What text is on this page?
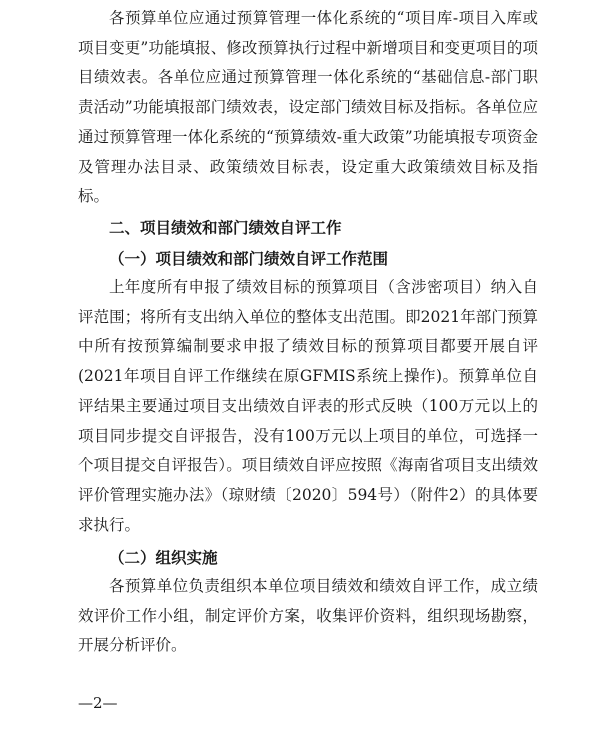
各预算单位应通过预算管理一体化系统的“项目库-项目入库或项目变更”功能填报、修改预算执行过程中新增项目和变更项目的项目绩效表。各单位应通过预算管理一体化系统的“基础信息-部门职责活动”功能填报部门绩效表，设定部门绩效目标及指标。各单位应通过预算管理一体化系统的“预算绩效-重大政策”功能填报专项资金及管理办法目录、政策绩效目标表，设定重大政策绩效目标及指标。

二、项目绩效和部门绩效自评工作
（一）项目绩效和部门绩效自评工作范围

上年度所有申报了绩效目标的预算项目（含涉密项目）纳入自评范围；将所有支出纳入单位的整体支出范围。即2021年部门预算中所有按预算编制要求申报了绩效目标的预算项目都要开展自评(2021年项目自评工作继续在原GFMIS系统上操作)。预算单位自评结果主要通过项目支出绩效自评表的形式反映（100万元以上的项目同步提交自评报告，没有100万元以上项目的单位，可选择一个项目提交自评报告）。项目绩效自评应按照《海南省项目支出绩效评价管理实施办法》（琼财绩〔2020〕594号）（附件2）的具体要求执行。

（二）组织实施

各预算单位负责组织本单位项目绩效和绩效自评工作，成立绩效评价工作小组，制定评价方案，收集评价资料，组织现场勘察，开展分析评价。

—2—
